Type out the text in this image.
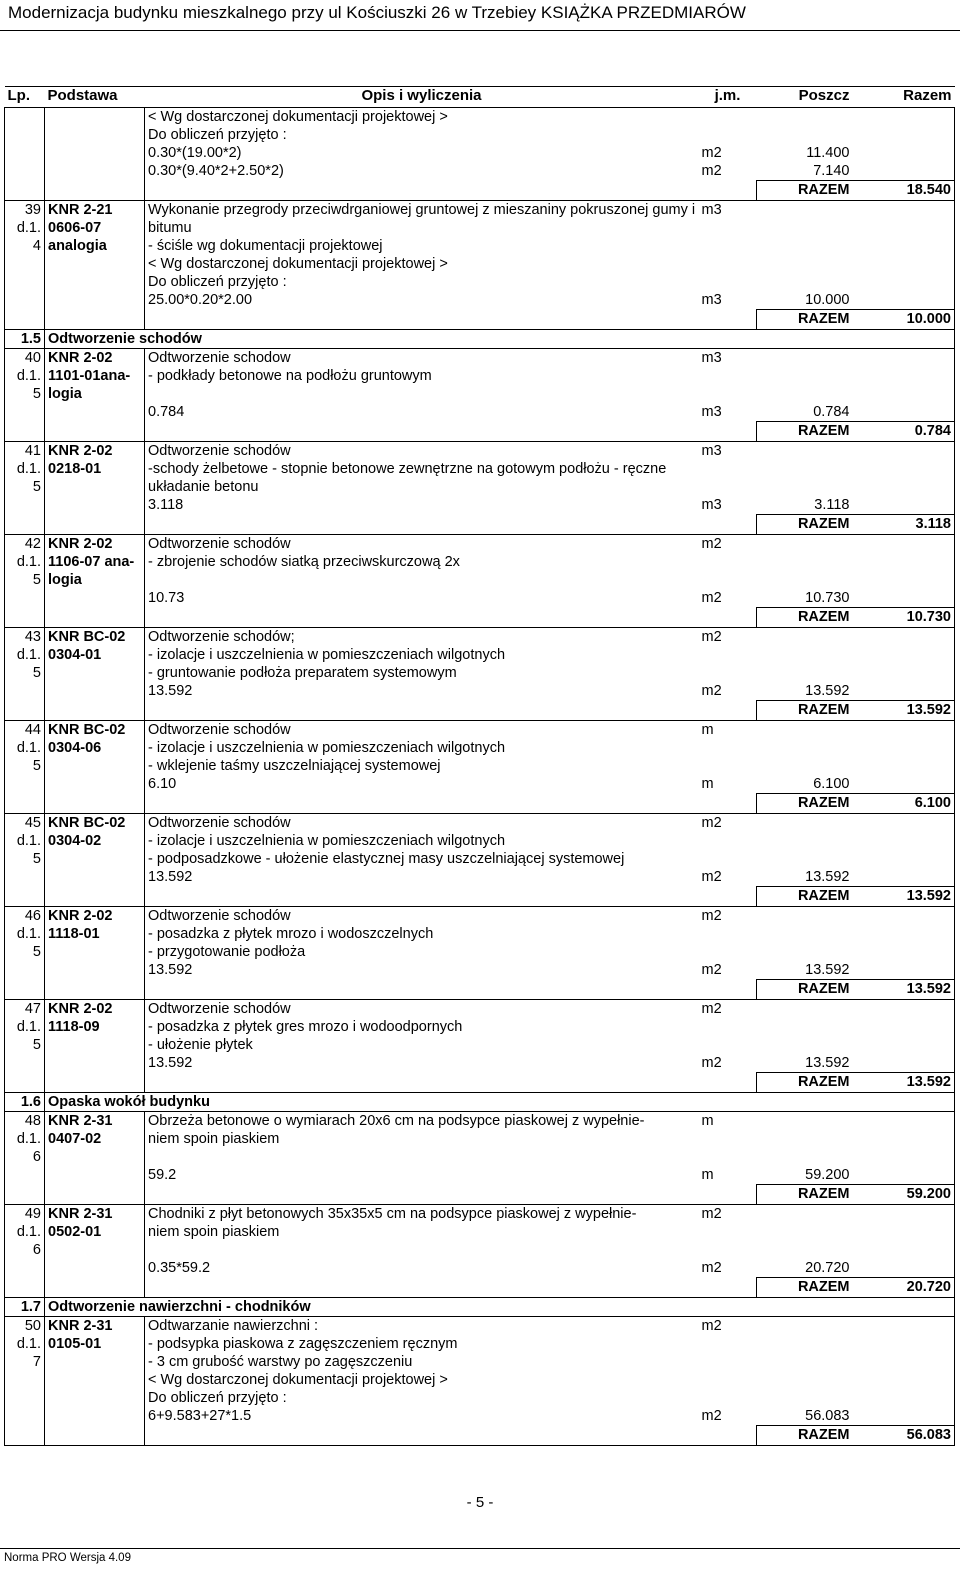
Modernizacja budynku mieszkalnego przy ul Kościuszki 26 w Trzebiey KSIĄŻKA PRZEDMIARÓW
Lp.	Podstawa	Opis i wyliczenia	j.m.	Poszcz	Razem

		< Wg dostarczonej dokumentacji projektowej >
Do obliczeń przyjęto :			

		0.30*(19.00*2)	m2	11.400	
		0.30*(9.40*2+2.50*2)	m2	7.140	
				RAZEM	18.540

39
d.1.
4	KNR 2-21
0606-07
analogia	Wykonanie przegrody przeciwdrganiowej gruntowej z mieszaniny pokruszonej gumy i bitumu
- ściśle wg dokumentacji projektowej
< Wg dostarczonej dokumentacji projektowej >
Do obliczeń przyjęto :	m3		
		25.00*0.20*2.00	m3	10.000	
				RAZEM	10.000
1.5	Odtworzenie schodów				

40
d.1.
5	KNR 2-02
1101-01ana-
logia	Odtworzenie schodow
- podkłady betonowe na podłożu gruntowym	m3		
		0.784	m3	0.784	
				RAZEM	0.784

41
d.1.
5	KNR 2-02
0218-01	Odtworzenie schodów
-schody żelbetowe - stopnie betonowe zewnętrzne na gotowym podłożu - ręczne układanie betonu	m3		
		3.118	m3	3.118	
				RAZEM	3.118

42
d.1.
5	KNR 2-02
1106-07 ana-
logia	Odtworzenie schodów
- zbrojenie schodów siatką przeciwskurczową 2x	m2		
		10.73	m2	10.730	
				RAZEM	10.730

43
d.1.
5	KNR BC-02
0304-01	Odtworzenie schodów;
- izolacje i uszczelnienia w pomieszczeniach wilgotnych
- gruntowanie podłoża preparatem systemowym	m2		
		13.592	m2	13.592	
				RAZEM	13.592

44
d.1.
5	KNR BC-02
0304-06	Odtworzenie schodów
- izolacje i uszczelnienia w pomieszczeniach wilgotnych
- wklejenie taśmy uszczelniającej systemowej	m		
		6.10	m	6.100	
				RAZEM	6.100

45
d.1.
5	KNR BC-02
0304-02	Odtworzenie schodów
- izolacje i uszczelnienia w pomieszczeniach wilgotnych
- podposadzkowe - ułożenie elastycznej masy uszczelniającej systemowej	m2		
		13.592	m2	13.592	
				RAZEM	13.592

46
d.1.
5	KNR 2-02
1118-01	Odtworzenie schodów
- posadzka z płytek mrozo i wodoszczelnych
- przygotowanie podłoża	m2		
		13.592	m2	13.592	
				RAZEM	13.592

47
d.1.
5	KNR 2-02
1118-09	Odtworzenie schodów
- posadzka z płytek gres mrozo i wodoodpornych
- ułożenie płytek	m2		
		13.592	m2	13.592	
				RAZEM	13.592
1.6	Opaska wokół budynku				

48
d.1.
6	KNR 2-31
0407-02	Obrzeża betonowe o wymiarach 20x6 cm na podsypce piaskowej z wypełnie-
niem spoin piaskiem	m		
		59.2	m	59.200	
				RAZEM	59.200

49
d.1.
6	KNR 2-31
0502-01	Chodniki z płyt betonowych 35x35x5 cm na podsypce piaskowej z wypełnie-
niem spoin piaskiem	m2		
		0.35*59.2	m2	20.720	
				RAZEM	20.720
1.7	Odtworzenie nawierzchni - chodników				

50
d.1.
7	KNR 2-31
0105-01	Odtwarzanie nawierzchni :
- podsypka piaskowa z zagęszczeniem ręcznym
- 3 cm grubość warstwy po zagęszczeniu
< Wg dostarczonej dokumentacji projektowej >
Do obliczeń przyjęto :	m2		
		6+9.583+27*1.5	m2	56.083	
				RAZEM	56.083
- 5 -
Norma PRO Wersja 4.09
